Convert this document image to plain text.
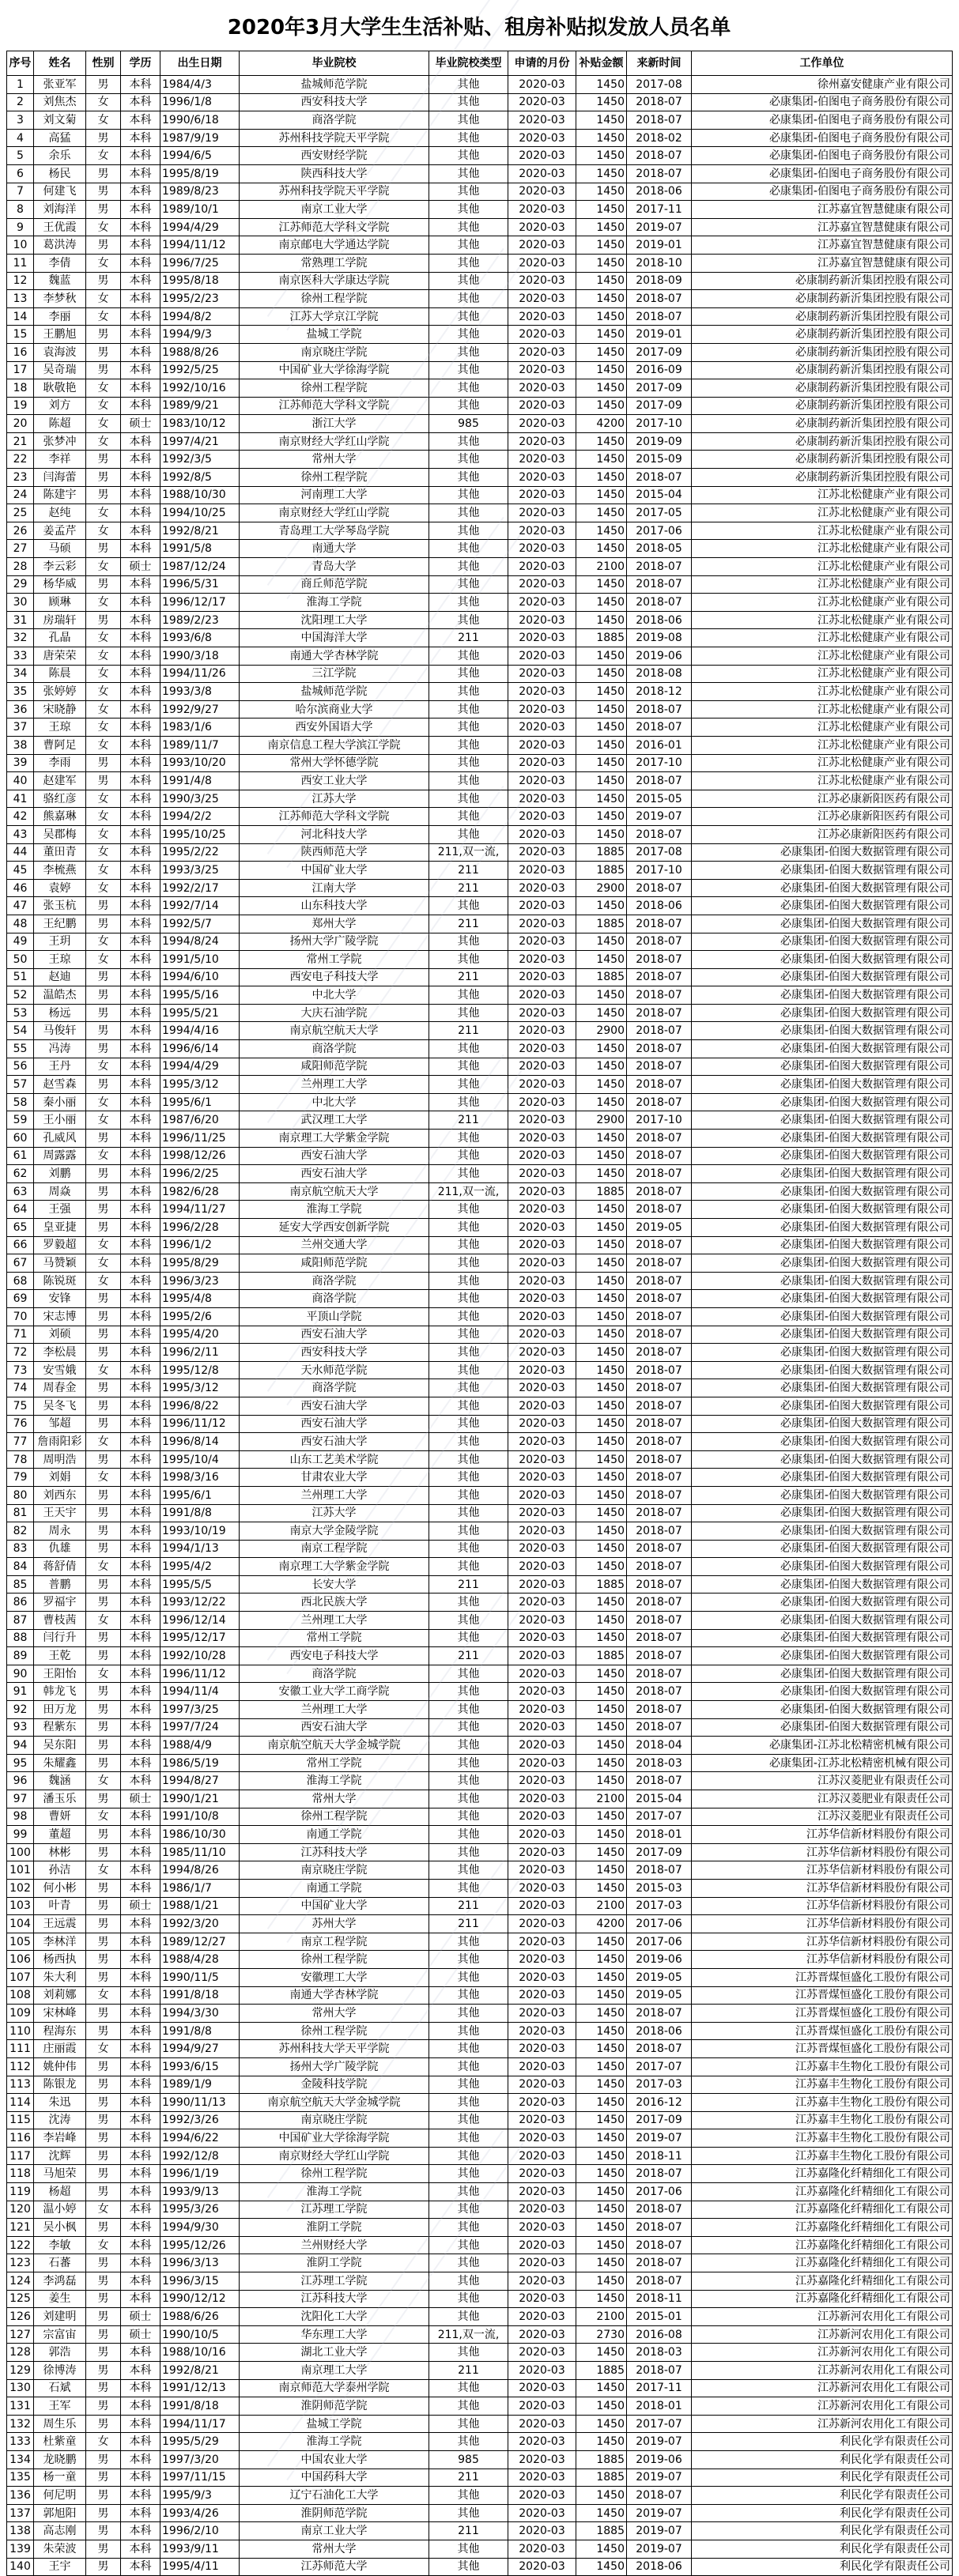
2020年3月大学生生活补贴、租房补贴拟发放人员名单
序号	姓名	性别	学历	出生日期	毕业院校	毕业院校类型	申请的月份	补贴金额	来新时间	工作单位
1	张亚军	男	本科	1984/4/3	盐城师范学院	其他	2020-03	1450	2017-08	徐州嘉安健康产业有限公司
2	刘焦杰	女	本科	1996/1/8	西安科技大学	其他	2020-03	1450	2018-07	必康集团-伯图电子商务股份有限公司
3	刘文菊	女	本科	1990/6/18	商洛学院	其他	2020-03	1450	2018-07	必康集团-伯图电子商务股份有限公司
4	高猛	男	本科	1987/9/19	苏州科技学院天平学院	其他	2020-03	1450	2018-02	必康集团-伯图电子商务股份有限公司
5	余乐	女	本科	1994/6/5	西安财经学院	其他	2020-03	1450	2018-07	必康集团-伯图电子商务股份有限公司
6	杨民	男	本科	1995/8/19	陕西科技大学	其他	2020-03	1450	2018-07	必康集团-伯图电子商务股份有限公司
7	何建飞	男	本科	1989/8/23	苏州科技学院天平学院	其他	2020-03	1450	2018-06	必康集团-伯图电子商务股份有限公司
8	刘海洋	男	本科	1989/10/1	南京工业大学	其他	2020-03	1450	2017-11	江苏嘉宜智慧健康有限公司
9	王优霞	女	本科	1994/4/29	江苏师范大学科文学院	其他	2020-03	1450	2019-07	江苏嘉宜智慧健康有限公司
10	葛洪涛	男	本科	1994/11/12	南京邮电大学通达学院	其他	2020-03	1450	2019-01	江苏嘉宜智慧健康有限公司
11	李倩	女	本科	1996/7/25	常熟理工学院	其他	2020-03	1450	2018-10	江苏嘉宜智慧健康有限公司
12	魏蓝	男	本科	1995/8/18	南京医科大学康达学院	其他	2020-03	1450	2018-09	必康制药新沂集团控股有限公司
13	李梦秋	女	本科	1995/2/23	徐州工程学院	其他	2020-03	1450	2018-07	必康制药新沂集团控股有限公司
14	李丽	女	本科	1994/8/2	江苏大学京江学院	其他	2020-03	1450	2018-07	必康制药新沂集团控股有限公司
15	王鹏旭	男	本科	1994/9/3	盐城工学院	其他	2020-03	1450	2019-01	必康制药新沂集团控股有限公司
16	袁海波	男	本科	1988/8/26	南京晓庄学院	其他	2020-03	1450	2017-09	必康制药新沂集团控股有限公司
17	吴奇瑞	男	本科	1992/5/25	中国矿业大学徐海学院	其他	2020-03	1450	2016-09	必康制药新沂集团控股有限公司
18	耿敬艳	女	本科	1992/10/16	徐州工程学院	其他	2020-03	1450	2017-09	必康制药新沂集团控股有限公司
19	刘方	女	本科	1989/9/21	江苏师范大学科文学院	其他	2020-03	1450	2017-09	必康制药新沂集团控股有限公司
20	陈超	女	硕士	1983/10/12	浙江大学	985	2020-03	4200	2017-10	必康制药新沂集团控股有限公司
21	张梦冲	女	本科	1997/4/21	南京财经大学红山学院	其他	2020-03	1450	2019-09	必康制药新沂集团控股有限公司
22	李祥	男	本科	1992/3/5	常州大学	其他	2020-03	1450	2015-09	必康制药新沂集团控股有限公司
23	闫海蕾	男	本科	1992/8/5	徐州工程学院	其他	2020-03	1450	2018-07	必康制药新沂集团控股有限公司
24	陈建宇	男	本科	1988/10/30	河南理工大学	其他	2020-03	1450	2015-04	江苏北松健康产业有限公司
25	赵纯	女	本科	1994/10/25	南京财经大学红山学院	其他	2020-03	1450	2017-05	江苏北松健康产业有限公司
26	姜孟芹	女	本科	1992/8/21	青岛理工大学琴岛学院	其他	2020-03	1450	2017-06	江苏北松健康产业有限公司
27	马硕	男	本科	1991/5/8	南通大学	其他	2020-03	1450	2018-05	江苏北松健康产业有限公司
28	李云彩	女	硕士	1987/12/24	青岛大学	其他	2020-03	2100	2018-07	江苏北松健康产业有限公司
29	杨华威	男	本科	1996/5/31	商丘师范学院	其他	2020-03	1450	2018-07	江苏北松健康产业有限公司
30	顾琳	女	本科	1996/12/17	淮海工学院	其他	2020-03	1450	2018-07	江苏北松健康产业有限公司
31	房瑞轩	男	本科	1989/2/23	沈阳理工大学	其他	2020-03	1450	2018-06	江苏北松健康产业有限公司
32	孔晶	女	本科	1993/6/8	中国海洋大学	211	2020-03	1885	2019-08	江苏北松健康产业有限公司
33	唐荣荣	女	本科	1990/3/18	南通大学杏林学院	其他	2020-03	1450	2019-06	江苏北松健康产业有限公司
34	陈晨	女	本科	1994/11/26	三江学院	其他	2020-03	1450	2018-08	江苏北松健康产业有限公司
35	张婷婷	女	本科	1993/3/8	盐城师范学院	其他	2020-03	1450	2018-12	江苏北松健康产业有限公司
36	宋晓静	女	本科	1992/9/27	哈尔滨商业大学	其他	2020-03	1450	2018-07	江苏北松健康产业有限公司
37	王琼	女	本科	1983/1/6	西安外国语大学	其他	2020-03	1450	2018-07	江苏北松健康产业有限公司
38	曹阿足	女	本科	1989/11/7	南京信息工程大学滨江学院	其他	2020-03	1450	2016-01	江苏北松健康产业有限公司
39	李雨	男	本科	1993/10/20	常州大学怀德学院	其他	2020-03	1450	2017-10	江苏北松健康产业有限公司
40	赵建军	男	本科	1991/4/8	西安工业大学	其他	2020-03	1450	2018-07	江苏北松健康产业有限公司
41	骆红彦	女	本科	1990/3/25	江苏大学	其他	2020-03	1450	2015-05	江苏必康新阳医药有限公司
42	熊嘉琳	女	本科	1994/2/2	江苏师范大学科文学院	其他	2020-03	1450	2019-07	江苏必康新阳医药有限公司
43	吴郡梅	女	本科	1995/10/25	河北科技大学	其他	2020-03	1450	2018-07	江苏必康新阳医药有限公司
44	董田青	女	本科	1995/2/22	陕西师范大学	211,双一流,	2020-03	1885	2017-08	必康集团-伯图大数据管理有限公司
45	李梳燕	女	本科	1993/3/25	中国矿业大学	211	2020-03	1885	2017-10	必康集团-伯图大数据管理有限公司
46	袁婷	女	本科	1992/2/17	江南大学	211	2020-03	2900	2018-07	必康集团-伯图大数据管理有限公司
47	张玉杭	男	本科	1992/7/14	山东科技大学	其他	2020-03	1450	2018-06	必康集团-伯图大数据管理有限公司
48	王纪鹏	男	本科	1992/5/7	郑州大学	211	2020-03	1885	2018-07	必康集团-伯图大数据管理有限公司
49	王玥	女	本科	1994/8/24	扬州大学广陵学院	其他	2020-03	1450	2018-07	必康集团-伯图大数据管理有限公司
50	王琼	女	本科	1991/5/10	常州工学院	其他	2020-03	1450	2018-07	必康集团-伯图大数据管理有限公司
51	赵迪	男	本科	1994/6/10	西安电子科技大学	211	2020-03	1885	2018-07	必康集团-伯图大数据管理有限公司
52	温皓杰	男	本科	1995/5/16	中北大学	其他	2020-03	1450	2018-07	必康集团-伯图大数据管理有限公司
53	杨远	男	本科	1995/5/21	大庆石油学院	其他	2020-03	1450	2018-07	必康集团-伯图大数据管理有限公司
54	马俊轩	男	本科	1994/4/16	南京航空航天大学	211	2020-03	2900	2018-07	必康集团-伯图大数据管理有限公司
55	冯涛	男	本科	1996/6/14	商洛学院	其他	2020-03	1450	2018-07	必康集团-伯图大数据管理有限公司
56	王丹	女	本科	1994/4/29	咸阳师范学院	其他	2020-03	1450	2018-07	必康集团-伯图大数据管理有限公司
57	赵雪森	男	本科	1995/3/12	兰州理工大学	其他	2020-03	1450	2018-07	必康集团-伯图大数据管理有限公司
58	秦小丽	女	本科	1995/6/1	中北大学	其他	2020-03	1450	2018-07	必康集团-伯图大数据管理有限公司
59	王小丽	女	本科	1987/6/20	武汉理工大学	211	2020-03	2900	2017-10	必康集团-伯图大数据管理有限公司
60	孔威风	男	本科	1996/11/25	南京理工大学紫金学院	其他	2020-03	1450	2018-07	必康集团-伯图大数据管理有限公司
61	周露露	女	本科	1998/12/26	西安石油大学	其他	2020-03	1450	2018-07	必康集团-伯图大数据管理有限公司
62	刘鹏	男	本科	1996/2/25	西安石油大学	其他	2020-03	1450	2018-07	必康集团-伯图大数据管理有限公司
63	周焱	男	本科	1982/6/28	南京航空航天大学	211,双一流,	2020-03	1885	2018-07	必康集团-伯图大数据管理有限公司
64	王强	男	本科	1994/11/27	淮海工学院	其他	2020-03	1450	2018-07	必康集团-伯图大数据管理有限公司
65	皇亚捷	男	本科	1996/2/28	延安大学西安创新学院	其他	2020-03	1450	2019-05	必康集团-伯图大数据管理有限公司
66	罗毅超	女	本科	1996/1/2	兰州交通大学	其他	2020-03	1450	2018-07	必康集团-伯图大数据管理有限公司
67	马赞颖	女	本科	1995/8/29	咸阳师范学院	其他	2020-03	1450	2018-07	必康集团-伯图大数据管理有限公司
68	陈锐斑	女	本科	1996/3/23	商洛学院	其他	2020-03	1450	2018-07	必康集团-伯图大数据管理有限公司
69	安锋	男	本科	1995/4/8	商洛学院	其他	2020-03	1450	2018-07	必康集团-伯图大数据管理有限公司
70	宋志博	男	本科	1995/2/6	平顶山学院	其他	2020-03	1450	2018-07	必康集团-伯图大数据管理有限公司
71	刘硕	男	本科	1995/4/20	西安石油大学	其他	2020-03	1450	2018-07	必康集团-伯图大数据管理有限公司
72	李松晨	男	本科	1996/2/11	西安科技大学	其他	2020-03	1450	2018-07	必康集团-伯图大数据管理有限公司
73	安雪娥	女	本科	1995/12/8	天水师范学院	其他	2020-03	1450	2018-07	必康集团-伯图大数据管理有限公司
74	周春金	男	本科	1995/3/12	商洛学院	其他	2020-03	1450	2018-07	必康集团-伯图大数据管理有限公司
75	吴冬飞	男	本科	1996/8/22	西安石油大学	其他	2020-03	1450	2018-07	必康集团-伯图大数据管理有限公司
76	邹超	男	本科	1996/11/12	西安石油大学	其他	2020-03	1450	2018-07	必康集团-伯图大数据管理有限公司
77	詹雨阳彩	女	本科	1996/8/14	西安石油大学	其他	2020-03	1450	2018-07	必康集团-伯图大数据管理有限公司
78	周明浩	男	本科	1995/10/4	山东工艺美术学院	其他	2020-03	1450	2018-07	必康集团-伯图大数据管理有限公司
79	刘娟	女	本科	1998/3/16	甘肃农业大学	其他	2020-03	1450	2018-07	必康集团-伯图大数据管理有限公司
80	刘西东	男	本科	1995/6/1	兰州理工大学	其他	2020-03	1450	2018-07	必康集团-伯图大数据管理有限公司
81	王天宇	男	本科	1991/8/8	江苏大学	其他	2020-03	1450	2018-07	必康集团-伯图大数据管理有限公司
82	周永	男	本科	1993/10/19	南京大学金陵学院	其他	2020-03	1450	2018-07	必康集团-伯图大数据管理有限公司
83	仇雄	男	本科	1994/1/13	南京工程学院	其他	2020-03	1450	2018-07	必康集团-伯图大数据管理有限公司
84	蒋舒倩	女	本科	1995/4/2	南京理工大学紫金学院	其他	2020-03	1450	2018-07	必康集团-伯图大数据管理有限公司
85	普鹏	男	本科	1995/5/5	长安大学	211	2020-03	1885	2018-07	必康集团-伯图大数据管理有限公司
86	罗福宇	男	本科	1993/12/22	西北民族大学	其他	2020-03	1450	2018-07	必康集团-伯图大数据管理有限公司
87	曹枝茜	女	本科	1996/12/14	兰州理工大学	其他	2020-03	1450	2018-07	必康集团-伯图大数据管理有限公司
88	闫行升	男	本科	1995/12/17	常州工学院	其他	2020-03	1450	2018-07	必康集团-伯图大数据管理有限公司
89	王乾	男	本科	1992/10/28	西安电子科技大学	211	2020-03	1885	2018-07	必康集团-伯图大数据管理有限公司
90	王阳怡	女	本科	1996/11/12	商洛学院	其他	2020-03	1450	2018-07	必康集团-伯图大数据管理有限公司
91	韩龙飞	男	本科	1994/11/4	安徽工业大学工商学院	其他	2020-03	1450	2018-07	必康集团-伯图大数据管理有限公司
92	田万龙	男	本科	1997/3/25	兰州理工大学	其他	2020-03	1450	2018-07	必康集团-伯图大数据管理有限公司
93	程紫东	男	本科	1997/7/24	西安石油大学	其他	2020-03	1450	2018-07	必康集团-伯图大数据管理有限公司
94	吴东阳	男	本科	1988/4/9	南京航空航天大学金城学院	其他	2020-03	1450	2018-04	必康集团-江苏北松精密机械有限公司
95	朱耀鑫	男	本科	1986/5/19	常州工学院	其他	2020-03	1450	2018-03	必康集团-江苏北松精密机械有限公司
96	魏涵	女	本科	1994/8/27	淮海工学院	其他	2020-03	1450	2018-07	江苏汉菱肥业有限责任公司
97	潘玉乐	男	硕士	1990/1/21	常州大学	其他	2020-03	2100	2015-04	江苏汉菱肥业有限责任公司
98	曹妍	女	本科	1991/10/8	徐州工程学院	其他	2020-03	1450	2017-07	江苏汉菱肥业有限责任公司
99	董超	男	本科	1986/10/30	南通工学院	其他	2020-03	1450	2018-01	江苏华信新材料股份有限公司
100	林彬	男	本科	1985/11/10	江苏科技大学	其他	2020-03	1450	2017-09	江苏华信新材料股份有限公司
101	孙洁	女	本科	1994/8/26	南京晓庄学院	其他	2020-03	1450	2018-07	江苏华信新材料股份有限公司
102	何小彬	男	本科	1986/1/7	南通工学院	其他	2020-03	1450	2015-03	江苏华信新材料股份有限公司
103	叶青	男	硕士	1988/1/21	中国矿业大学	211	2020-03	2100	2017-03	江苏华信新材料股份有限公司
104	王远震	男	本科	1992/3/20	苏州大学	211	2020-03	4200	2017-06	江苏华信新材料股份有限公司
105	李林洋	男	本科	1989/12/27	南京工程学院	其他	2020-03	1450	2017-06	江苏华信新材料股份有限公司
106	杨西执	男	本科	1988/4/28	徐州工程学院	其他	2020-03	1450	2019-06	江苏华信新材料股份有限公司
107	朱大利	男	本科	1990/11/5	安徽理工大学	其他	2020-03	1450	2019-05	江苏晋煤恒盛化工股份有限公司
108	刘莉娜	女	本科	1991/8/18	南通大学杏林学院	其他	2020-03	1450	2019-05	江苏晋煤恒盛化工股份有限公司
109	宋林峰	男	本科	1994/3/30	常州大学	其他	2020-03	1450	2018-07	江苏晋煤恒盛化工股份有限公司
110	程海东	男	本科	1991/8/8	徐州工程学院	其他	2020-03	1450	2018-06	江苏晋煤恒盛化工股份有限公司
111	庄丽霞	女	本科	1994/9/27	苏州科技大学天平学院	其他	2020-03	1450	2018-07	江苏晋煤恒盛化工股份有限公司
112	姚仲伟	男	本科	1993/6/15	扬州大学广陵学院	其他	2020-03	1450	2017-07	江苏嘉丰生物化工股份有限公司
113	陈银龙	男	本科	1989/1/9	金陵科技学院	其他	2020-03	1450	2017-03	江苏嘉丰生物化工股份有限公司
114	朱迅	男	本科	1990/11/13	南京航空航天大学金城学院	其他	2020-03	1450	2016-12	江苏嘉丰生物化工股份有限公司
115	沈涛	男	本科	1992/3/26	南京晓庄学院	其他	2020-03	1450	2017-09	江苏嘉丰生物化工股份有限公司
116	李岩峰	男	本科	1994/6/22	中国矿业大学徐海学院	其他	2020-03	1450	2019-07	江苏嘉丰生物化工股份有限公司
117	沈辉	男	本科	1992/12/8	南京财经大学红山学院	其他	2020-03	1450	2018-11	江苏嘉丰生物化工股份有限公司
118	马旭荣	男	本科	1996/1/19	徐州工程学院	其他	2020-03	1450	2018-07	江苏嘉隆化纤精细化工有限公司
119	杨超	男	本科	1993/9/13	淮海工学院	其他	2020-03	1450	2017-06	江苏嘉隆化纤精细化工有限公司
120	温小婷	女	本科	1995/3/26	江苏理工学院	其他	2020-03	1450	2018-07	江苏嘉隆化纤精细化工有限公司
121	吴小枫	男	本科	1994/9/30	淮阴工学院	其他	2020-03	1450	2018-07	江苏嘉隆化纤精细化工有限公司
122	李敏	女	本科	1995/12/26	兰州财经大学	其他	2020-03	1450	2018-07	江苏嘉隆化纤精细化工有限公司
123	石蕃	男	本科	1996/3/13	淮阴工学院	其他	2020-03	1450	2018-07	江苏嘉隆化纤精细化工有限公司
124	李鸿磊	男	本科	1996/3/15	江苏理工学院	其他	2020-03	1450	2018-07	江苏嘉隆化纤精细化工有限公司
125	姜生	男	本科	1990/12/12	江苏科技大学	其他	2020-03	1450	2018-11	江苏嘉隆化纤精细化工有限公司
126	刘建明	男	硕士	1988/6/26	沈阳化工大学	其他	2020-03	2100	2015-01	江苏新河农用化工有限公司
127	宗富宙	男	硕士	1990/10/5	华东理工大学	211,双一流,	2020-03	2730	2016-08	江苏新河农用化工有限公司
128	郭浩	男	本科	1988/10/16	湖北工业大学	其他	2020-03	1450	2018-03	江苏新河农用化工有限公司
129	徐博涛	男	本科	1992/8/21	南京理工大学	211	2020-03	1885	2018-07	江苏新河农用化工有限公司
130	石斌	男	本科	1991/12/13	南京师范大学泰州学院	其他	2020-03	1450	2017-11	江苏新河农用化工有限公司
131	王军	男	本科	1991/8/18	淮阴师范学院	其他	2020-03	1450	2018-01	江苏新河农用化工有限公司
132	周生乐	男	本科	1994/11/17	盐城工学院	其他	2020-03	1450	2017-07	江苏新河农用化工有限公司
133	杜紫童	女	本科	1995/5/29	淮海工学院	其他	2020-03	1450	2019-07	利民化学有限责任公司
134	龙晓鹏	男	本科	1997/3/20	中国农业大学	985	2020-03	1885	2019-06	利民化学有限责任公司
135	杨一童	男	本科	1997/11/15	中国药科大学	211	2020-03	1885	2019-07	利民化学有限责任公司
136	何尼明	男	本科	1995/9/3	辽宁石油化工大学	其他	2020-03	1450	2018-07	利民化学有限责任公司
137	郭旭阳	男	本科	1993/4/26	淮阴师范学院	其他	2020-03	1450	2019-07	利民化学有限责任公司
138	高志刚	男	本科	1996/2/10	南京工业大学	211	2020-03	1885	2019-07	利民化学有限责任公司
139	朱荣波	男	本科	1993/9/11	常州大学	其他	2020-03	1450	2019-07	利民化学有限责任公司
140	王宇	男	本科	1995/4/11	江苏师范大学	其他	2020-03	1450	2018-06	利民化学有限责任公司
